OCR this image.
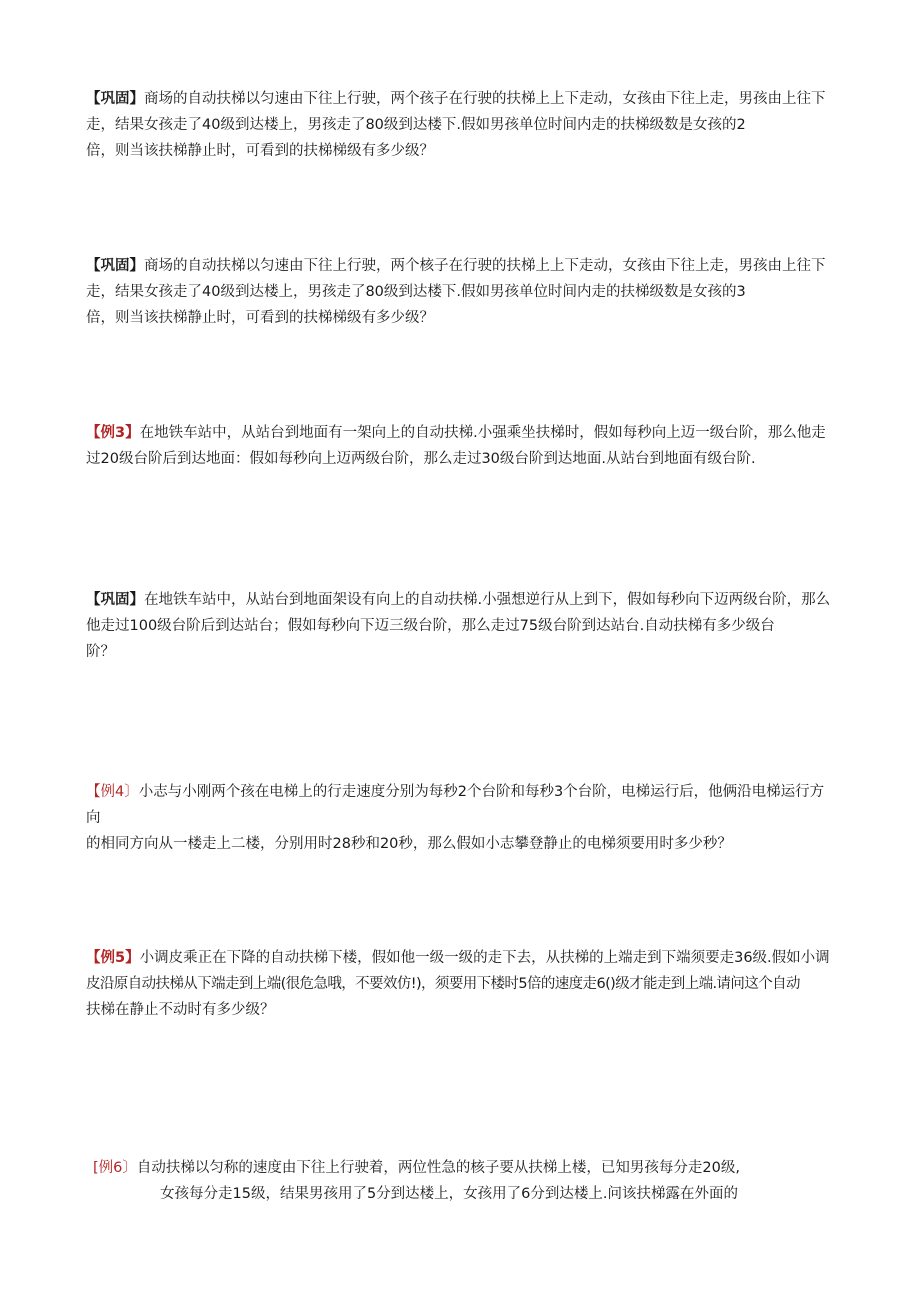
【巩固】商场的自动扶梯以匀速由下往上行驶，两个孩子在行驶的扶梯上上下走动，女孩由下往上走，男孩由上往下
走，结果女孩走了40级到达楼上，男孩走了80级到达楼下.假如男孩单位时间内走的扶梯级数是女孩的2
倍，则当该扶梯静止时，可看到的扶梯梯级有多少级？
【巩固】商场的自动扶梯以匀速由下往上行驶，两个核子在行驶的扶梯上上下走动，女孩由下往上走，男孩由上往下
走，结果女孩走了40级到达楼上，男孩走了80级到达楼下.假如男孩单位时间内走的扶梯级数是女孩的3
倍，则当该扶梯静止时，可看到的扶梯梯级有多少级？
【例3】在地铁车站中，从站台到地面有一架向上的自动扶梯.小强乘坐扶梯时，假如每秒向上迈一级台阶，那么他走
过20级台阶后到达地面：假如每秒向上迈两级台阶，那么走过30级台阶到达地面.从站台到地面有级台阶.
【巩固】在地铁车站中，从站台到地面架设有向上的自动扶梯.小强想逆行从上到下，假如每秒向下迈两级台阶，那么
他走过100级台阶后到达站台；假如每秒向下迈三级台阶，那么走过75级台阶到达站台.自动扶梯有多少级台
阶？
【例4〕小志与小刚两个孩在电梯上的行走速度分别为每秒2个台阶和每秒3个台阶，电梯运行后，他俩沿电梯运行方向
的相同方向从一楼走上二楼，分别用时28秒和20秒，那么假如小志攀登静止的电梯须要用时多少秒？
【例5】小调皮乘正在下降的自动扶梯下楼，假如他一级一级的走下去，从扶梯的上端走到下端须要走36级.假如小调
皮沿原自动扶梯从下端走到上端(很危急哦，不要效仿!)，须要用下楼时5倍的速度走6()级才能走到上端.请问这个自动
扶梯在静止不动时有多少级？
[例6〕自动扶梯以匀称的速度由下往上行驶着，两位性急的核子要从扶梯上楼，已知男孩每分走20级,
女孩每分走15级，结果男孩用了5分到达楼上，女孩用了6分到达楼上.问该扶梯露在外面的
